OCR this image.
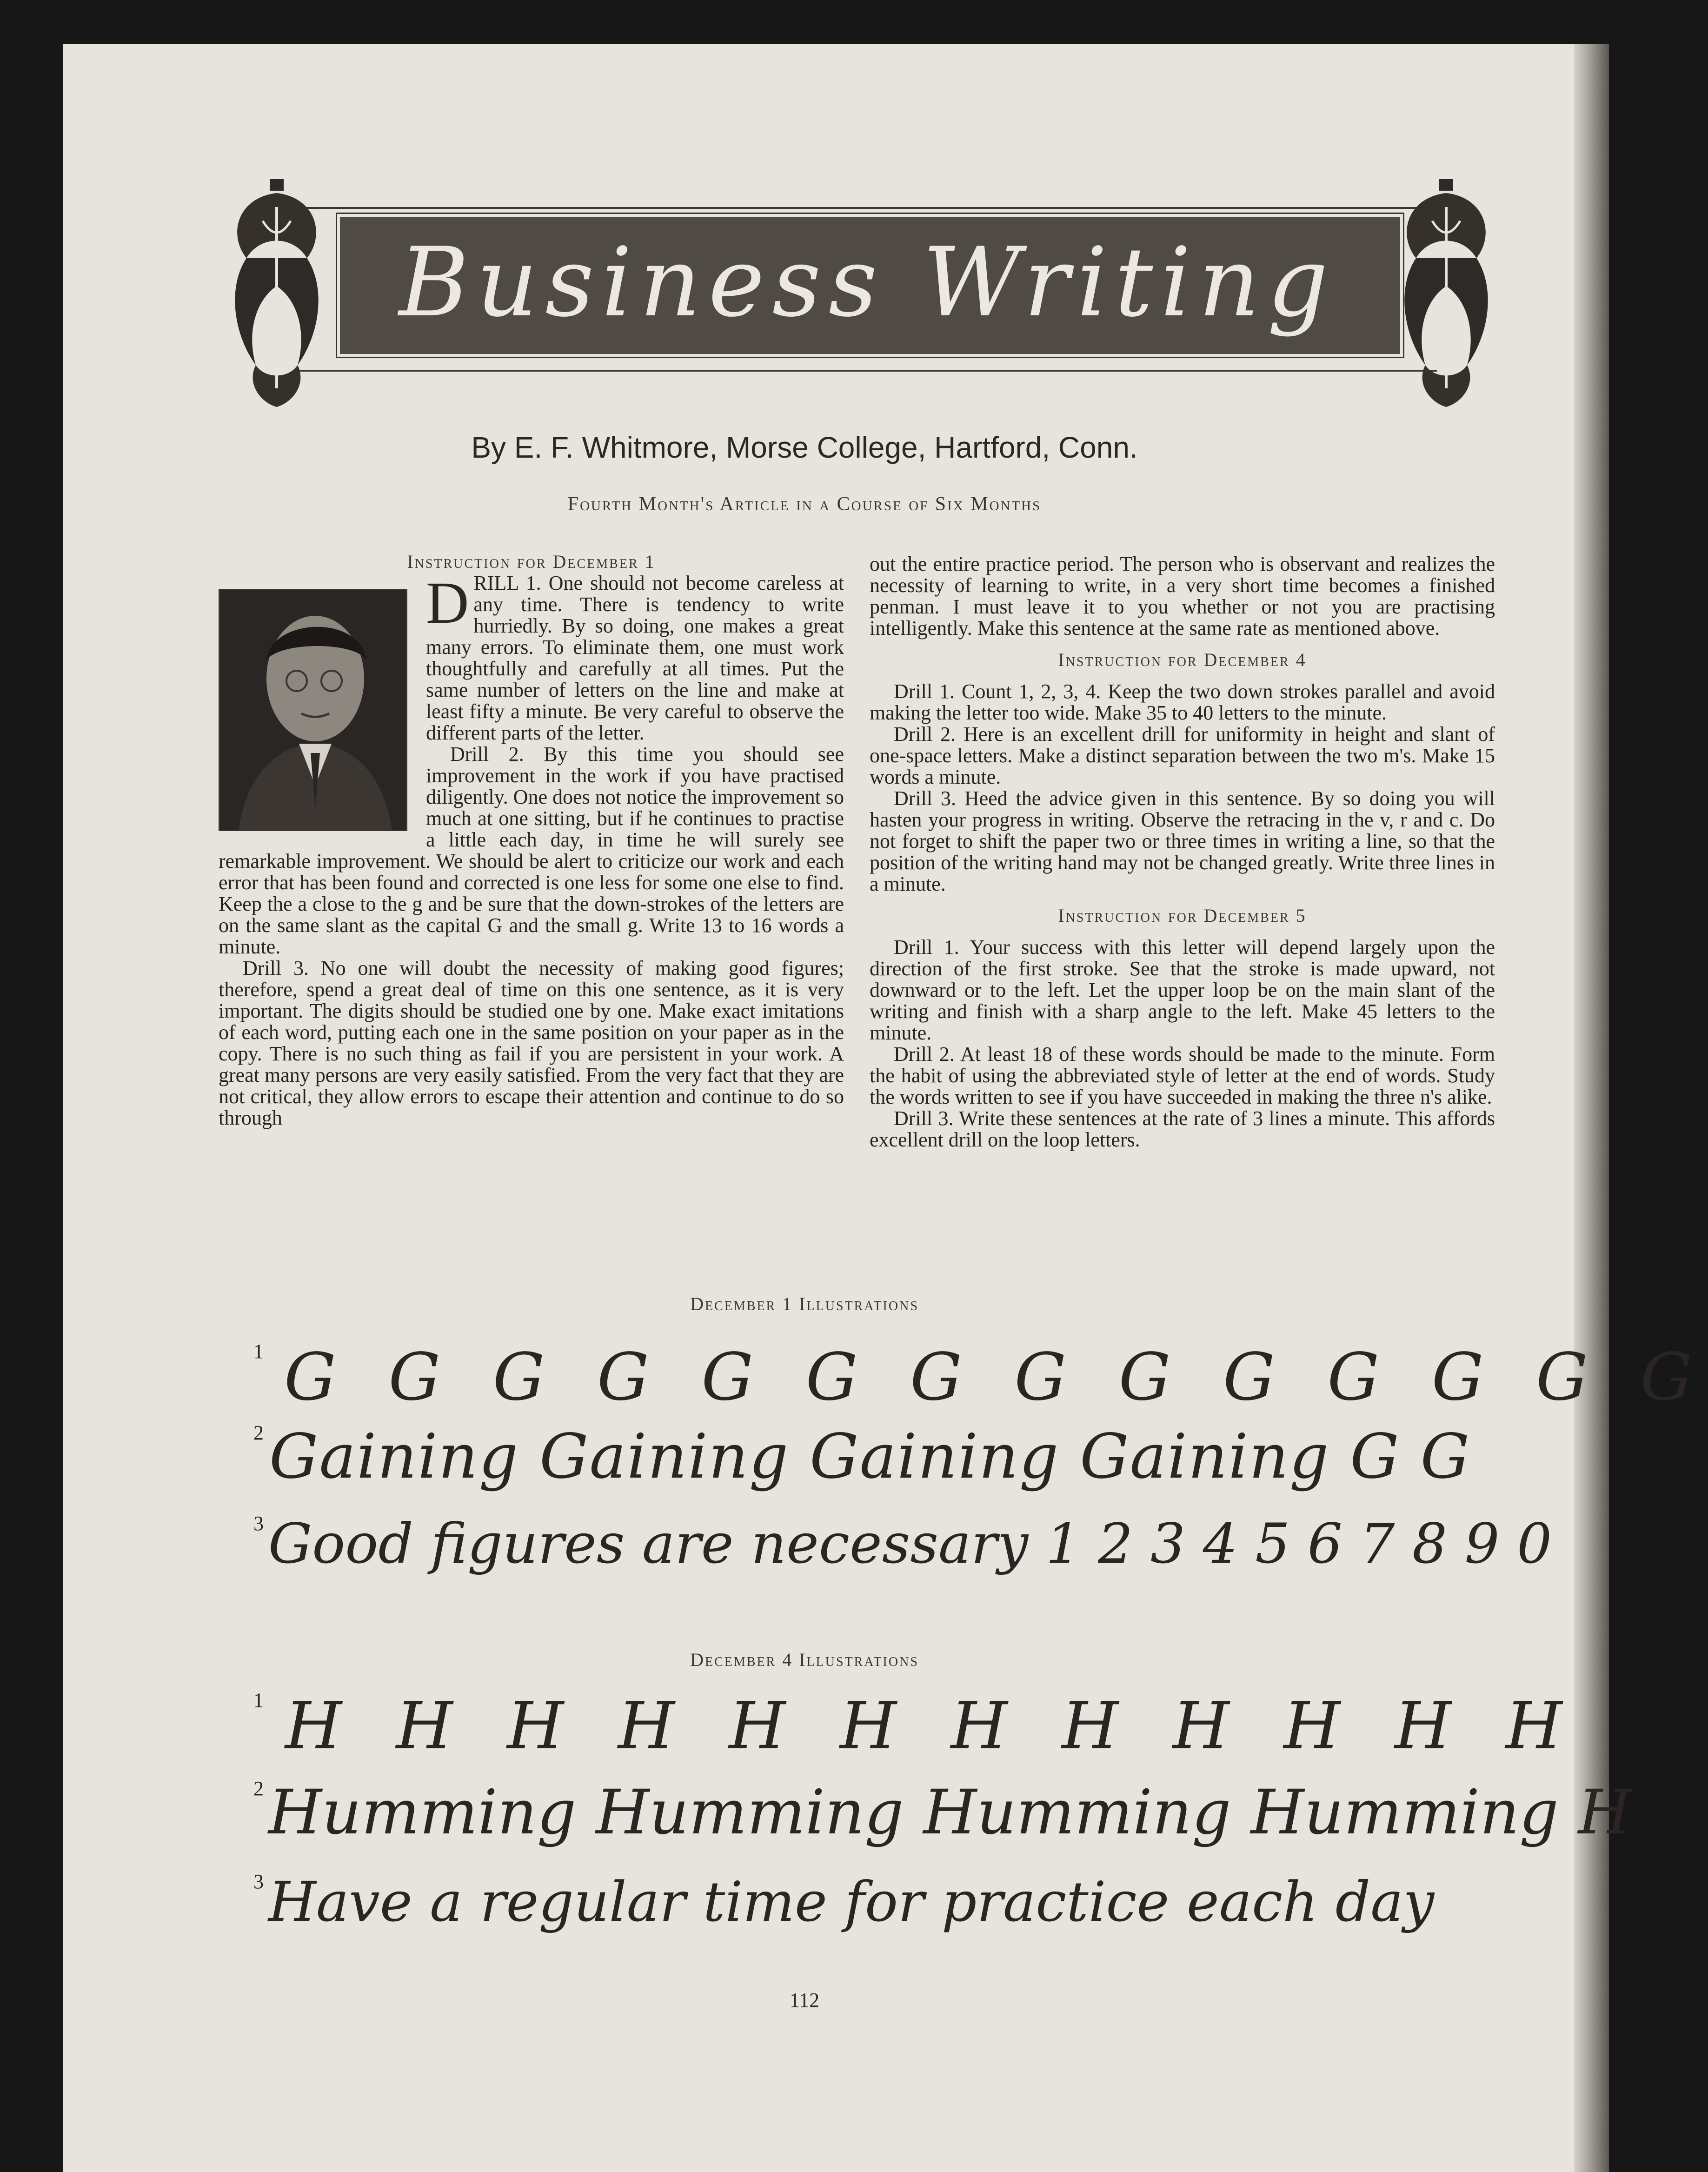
Business Writing
By E. F. Whitmore, Morse College, Hartford, Conn.
Fourth Month's Article in a Course of Six Months
Instruction for December 1

DRILL 1. One should not become careless at any time. There is tendency to write hurriedly. By so doing, one makes a great many errors. To eliminate them, one must work thoughtfully and carefully at all times. Put the same number of letters on the line and make at least fifty a minute. Be very careful to observe the different parts of the letter.

Drill 2. By this time you should see improvement in the work if you have practised diligently. One does not notice the improvement so much at one sitting, but if he continues to practise a little each day, in time he will surely see remarkable improvement. We should be alert to criticize our work and each error that has been found and corrected is one less for some one else to find. Keep the a close to the g and be sure that the down-strokes of the letters are on the same slant as the capital G and the small g. Write 13 to 16 words a minute.

Drill 3. No one will doubt the necessity of making good figures; therefore, spend a great deal of time on this one sentence, as it is very important. The digits should be studied one by one. Make exact imitations of each word, putting each one in the same position on your paper as in the copy. There is no such thing as fail if you are persistent in your work. A great many persons are very easily satisfied. From the very fact that they are not critical, they allow errors to escape their attention and continue to do so through

out the entire practice period. The person who is observant and realizes the necessity of learning to write, in a very short time becomes a finished penman. I must leave it to you whether or not you are practising intelligently. Make this sentence at the same rate as mentioned above.

Instruction for December 4

Drill 1. Count 1, 2, 3, 4. Keep the two down strokes parallel and avoid making the letter too wide. Make 35 to 40 letters to the minute.

Drill 2. Here is an excellent drill for uniformity in height and slant of one-space letters. Make a distinct separation between the two m's. Make 15 words a minute.

Drill 3. Heed the advice given in this sentence. By so doing you will hasten your progress in writing. Observe the retracing in the v, r and c. Do not forget to shift the paper two or three times in writing a line, so that the position of the writing hand may not be changed greatly. Write three lines in a minute.

Instruction for December 5

Drill 1. Your success with this letter will depend largely upon the direction of the first stroke. See that the stroke is made upward, not downward or to the left. Let the upper loop be on the main slant of the writing and finish with a sharp angle to the left. Make 45 letters to the minute.

Drill 2. At least 18 of these words should be made to the minute. Form the habit of using the abbreviated style of letter at the end of words. Study the words written to see if you have succeeded in making the three n's alike.

Drill 3. Write these sentences at the rate of 3 lines a minute. This affords excellent drill on the loop letters.

December 1 Illustrations
$^1$G G G G G G G G G G G G G G
$^2$Gaining Gaining Gaining Gaining G G
$^3$Good figures are necessary 1 2 3 4 5 6 7 8 9 0
December 4 Illustrations
$^1$H H H H H H H H H H H H
$^2$Humming Humming Humming Humming H
$^3$Have a regular time for practice each day
112
